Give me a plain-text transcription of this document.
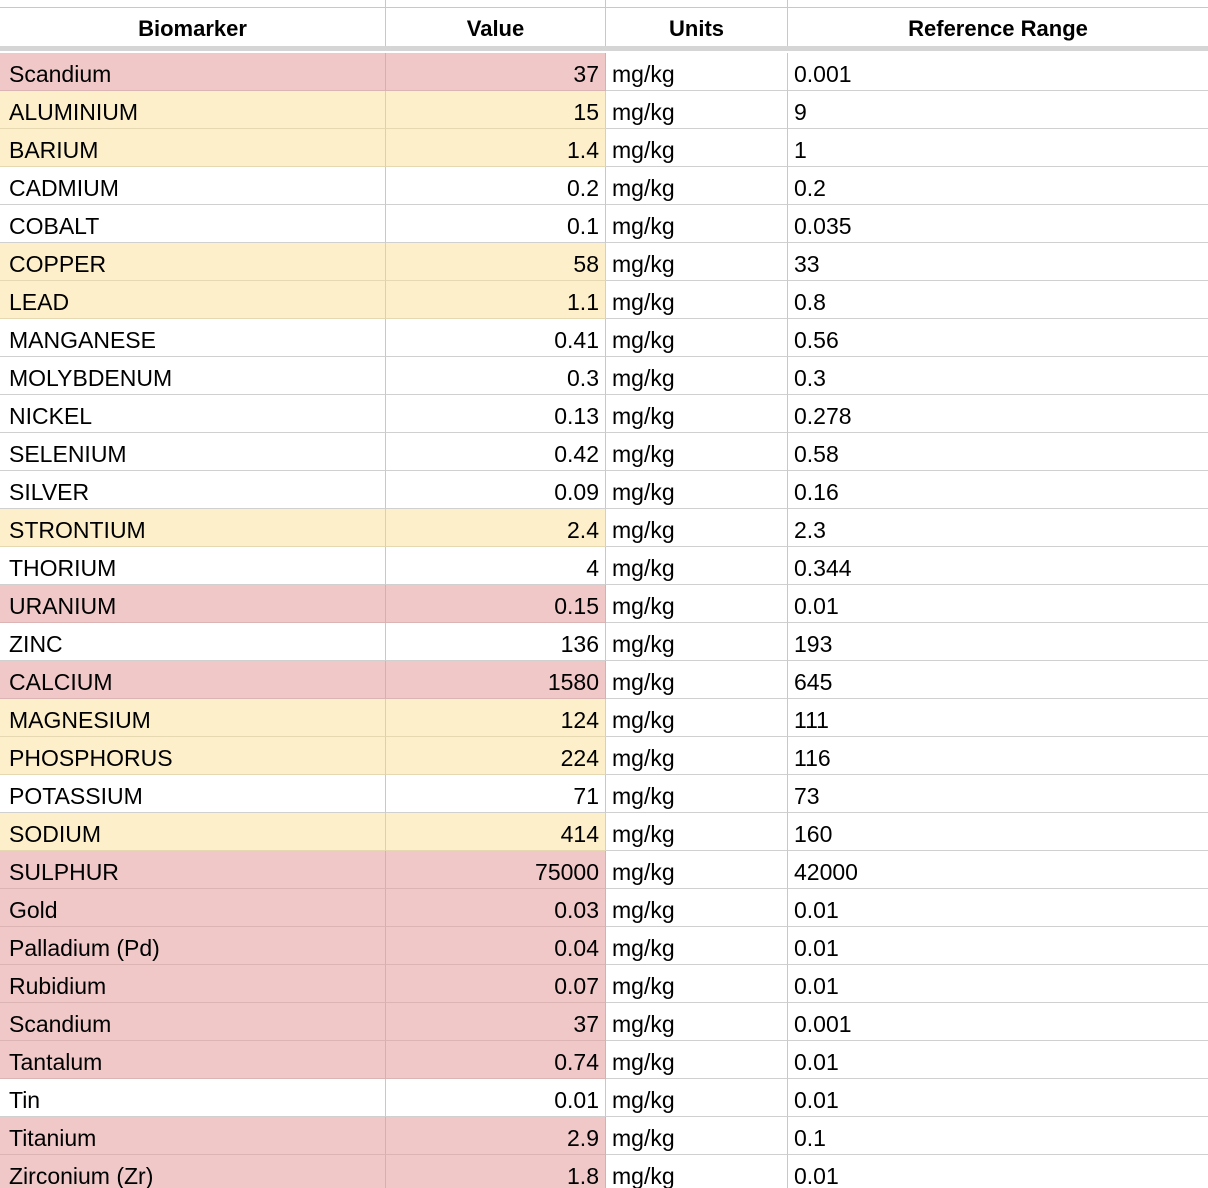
Biomarker	Value	Units	Reference Range
Scandium	37 mg/kg	0.001
ALUMINIUM	15 mg/kg	9
BARIUM	1.4 mg/kg	1
CADMIUM	0.2 mg/kg	0.2
COBALT	0.1 mg/kg	0.035
COPPER	58 mg/kg	33
LEAD	1.1 mg/kg	0.8
MANGANESE	0.41 mg/kg	0.56
MOLYBDENUM	0.3 mg/kg	0.3
NICKEL	0.13 mg/kg	0.278
SELENIUM	0.42 mg/kg	0.58
SILVER	0.09 mg/kg	0.16
STRONTIUM	2.4 mg/kg	2.3
THORIUM	4 mg/kg	0.344
URANIUM	0.15 mg/kg	0.01
ZINC	136 mg/kg	193
CALCIUM	1580 mg/kg	645
MAGNESIUM	124 mg/kg	111
PHOSPHORUS	224 mg/kg	116
POTASSIUM	71 mg/kg	73
SODIUM	414 mg/kg	160
SULPHUR	75000 mg/kg	42000
Gold	0.03 mg/kg	0.01
Palladium (Pd)	0.04 mg/kg	0.01
Rubidium	0.07 mg/kg	0.01
Scandium	37 mg/kg	0.001
Tantalum	0.74 mg/kg	0.01
Tin	0.01 mg/kg	0.01
Titanium	2.9 mg/kg	0.1
Zirconium (Zr)	1.8 mg/kg	0.01
